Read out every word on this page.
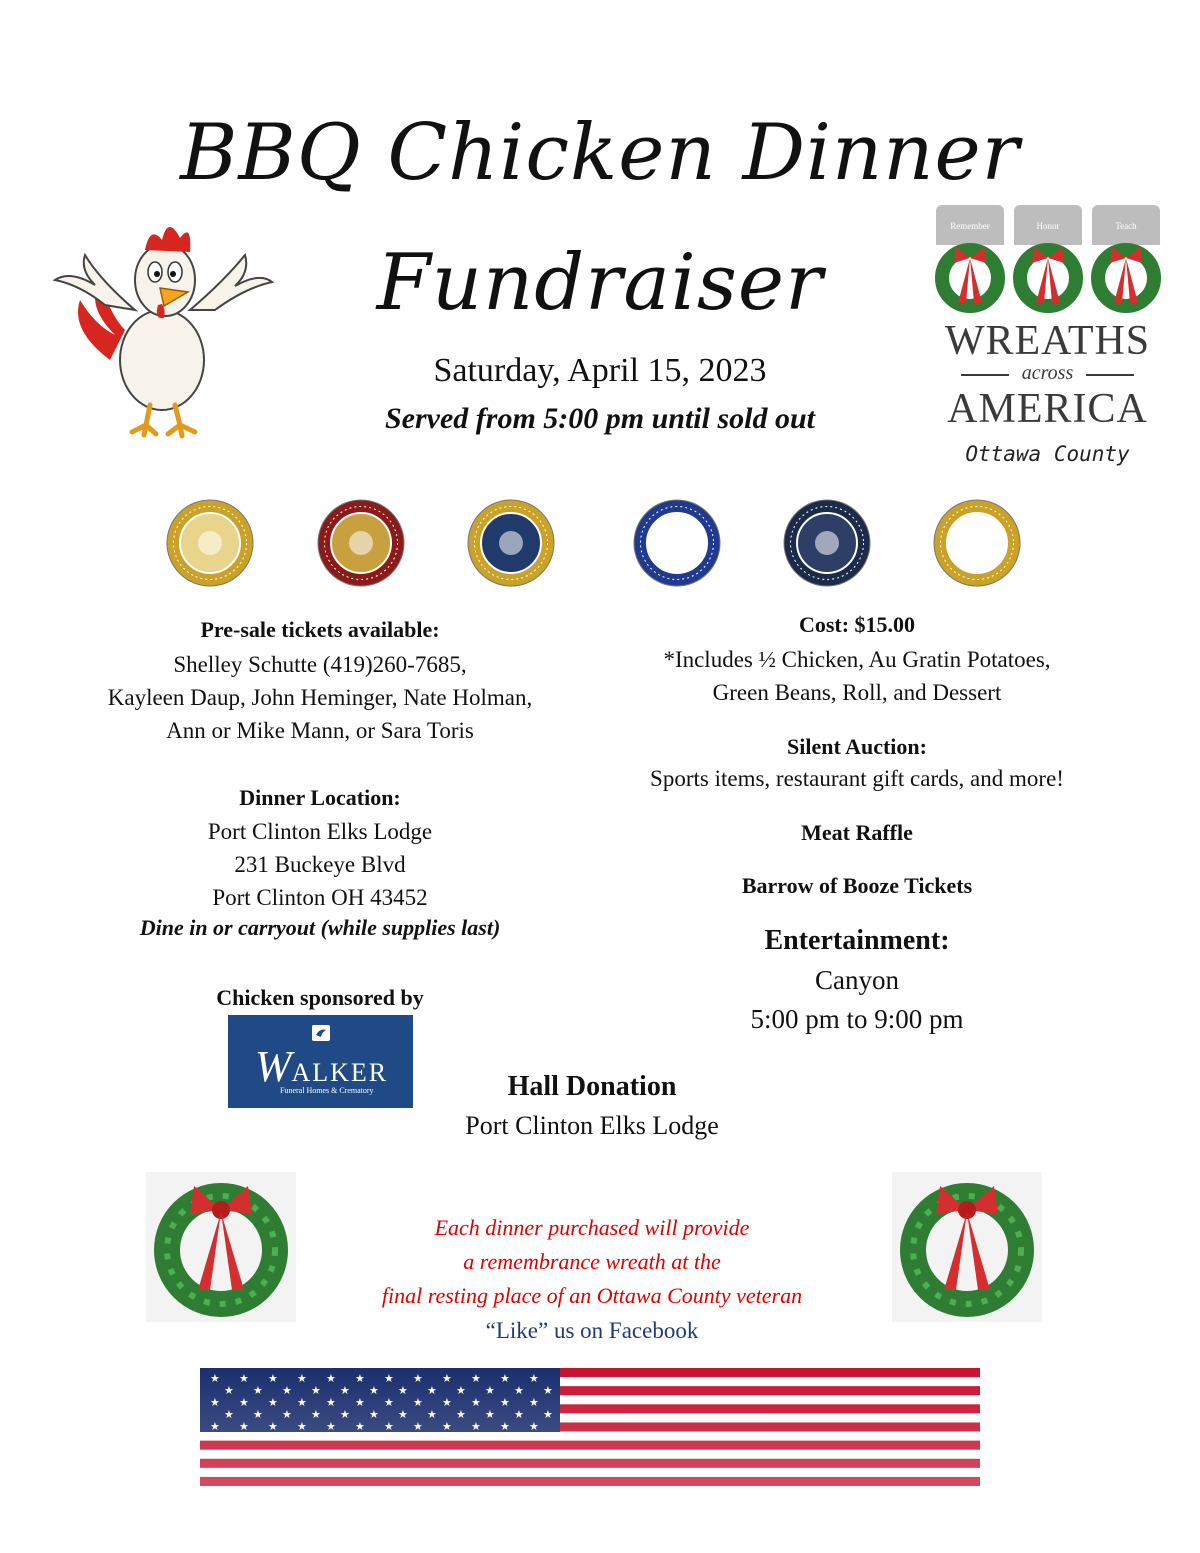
BBQ Chicken Dinner
Fundraiser
Saturday, April 15, 2023
Served from 5:00 pm until sold out
Remember	Honor	Teach
WREATHS
across
AMERICA
Ottawa County
Pre-sale tickets available:
Shelley Schutte (419)260-7685,
Kayleen Daup, John Heminger, Nate Holman,
Ann or Mike Mann, or Sara Toris
Dinner Location:
Port Clinton Elks Lodge
231 Buckeye Blvd
Port Clinton OH 43452
Dine in or carryout (while supplies last)
Chicken sponsored by
WALKER
Funeral Homes & Crematory
Cost: $15.00
*Includes ½ Chicken, Au Gratin Potatoes,
Green Beans, Roll, and Dessert
Silent Auction:
Sports items, restaurant gift cards, and more!
Meat Raffle
Barrow of Booze Tickets
Entertainment:
Canyon
5:00 pm to 9:00 pm
Hall Donation
Port Clinton Elks Lodge
Each dinner purchased will provide
a remembrance wreath at the
final resting place of an Ottawa County veteran
“Like” us on Facebook
